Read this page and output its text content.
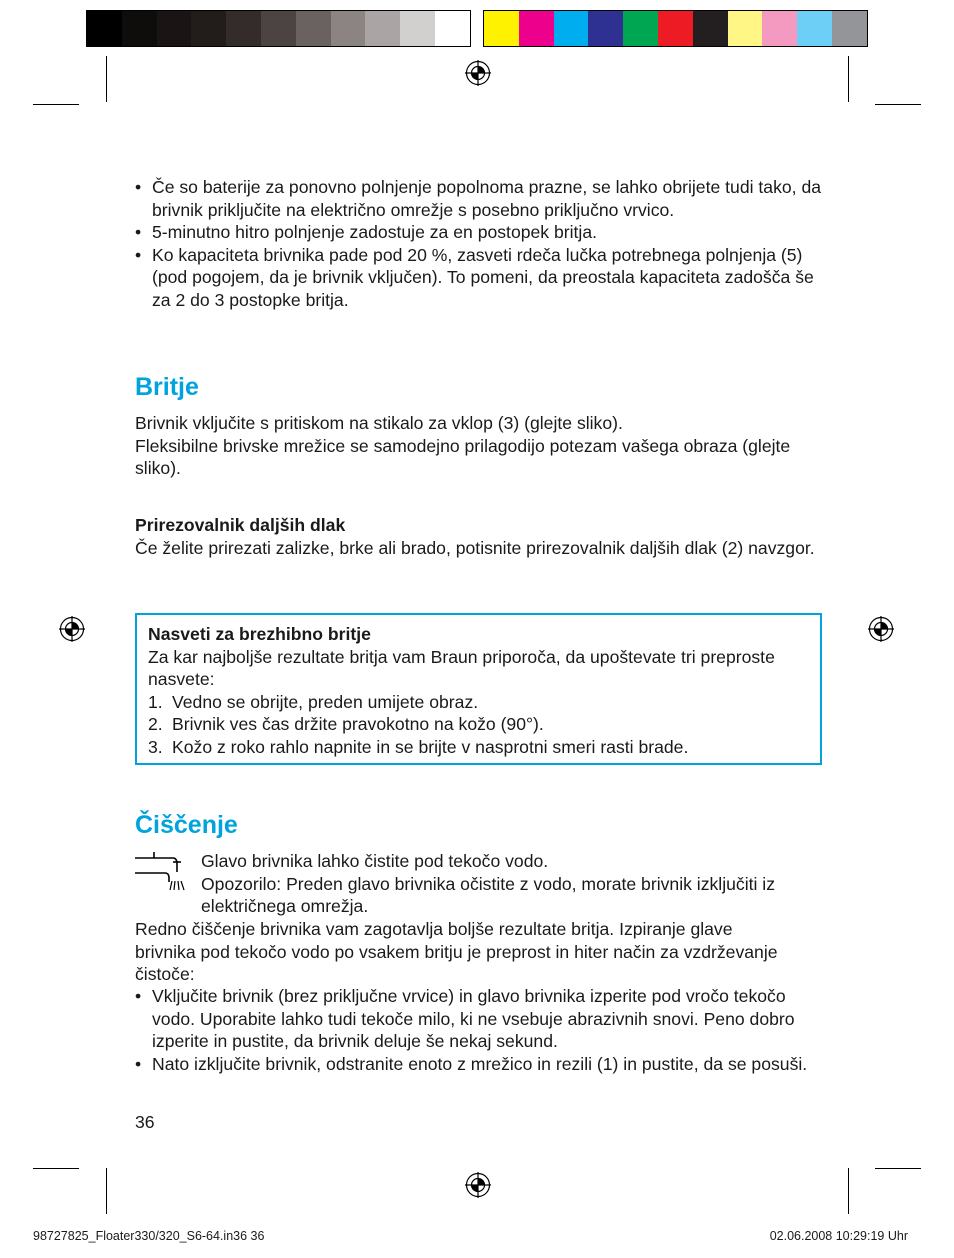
• Če so baterije za ponovno polnjenje popolnoma prazne, se lahko obrijete tudi tako, da brivnik priključite na električno omrežje s posebno priključno vrvico.
• 5-minutno hitro polnjenje zadostuje za en postopek britja.
• Ko kapaciteta brivnika pade pod 20 %, zasveti rdeča lučka potrebnega polnjenja (5) (pod pogojem, da je brivnik vključen). To pomeni, da preostala kapaciteta zadošča še za 2 do 3 postopke britja.
Britje
Brivnik vključite s pritiskom na stikalo za vklop (3) (glejte sliko).
Fleksibilne brivske mrežice se samodejno prilagodijo potezam vašega obraza (glejte sliko).
Prirezovalnik daljših dlak
Če želite prirezati zalizke, brke ali brado, potisnite prirezovalnik daljših dlak (2) navzgor.
Nasveti za brezhibno britje
Za kar najboljše rezultate britja vam Braun priporoča, da upoštevate tri preproste nasvete:
1. Vedno se obrijte, preden umijete obraz.
2. Brivnik ves čas držite pravokotno na kožo (90°).
3. Kožo z roko rahlo napnite in se brijte v nasprotni smeri rasti brade.
Čiščenje
Glavo brivnika lahko čistite pod tekočo vodo.
Opozorilo: Preden glavo brivnika očistite z vodo, morate brivnik izključiti iz električnega omrežja.
Redno čiščenje brivnika vam zagotavlja boljše rezultate britja. Izpiranje glave brivnika pod tekočo vodo po vsakem britju je preprost in hiter način za vzdrževanje čistoče:
• Vključite brivnik (brez priključne vrvice) in glavo brivnika izperite pod vročo tekočo vodo. Uporabite lahko tudi tekoče milo, ki ne vsebuje abrazivnih snovi. Peno dobro izperite in pustite, da brivnik deluje še nekaj sekund.
• Nato izključite brivnik, odstranite enoto z mrežico in rezili (1) in pustite, da se posuši.
36
98727825_Floater330/320_S6-64.in36 36	02.06.2008 10:29:19 Uhr
